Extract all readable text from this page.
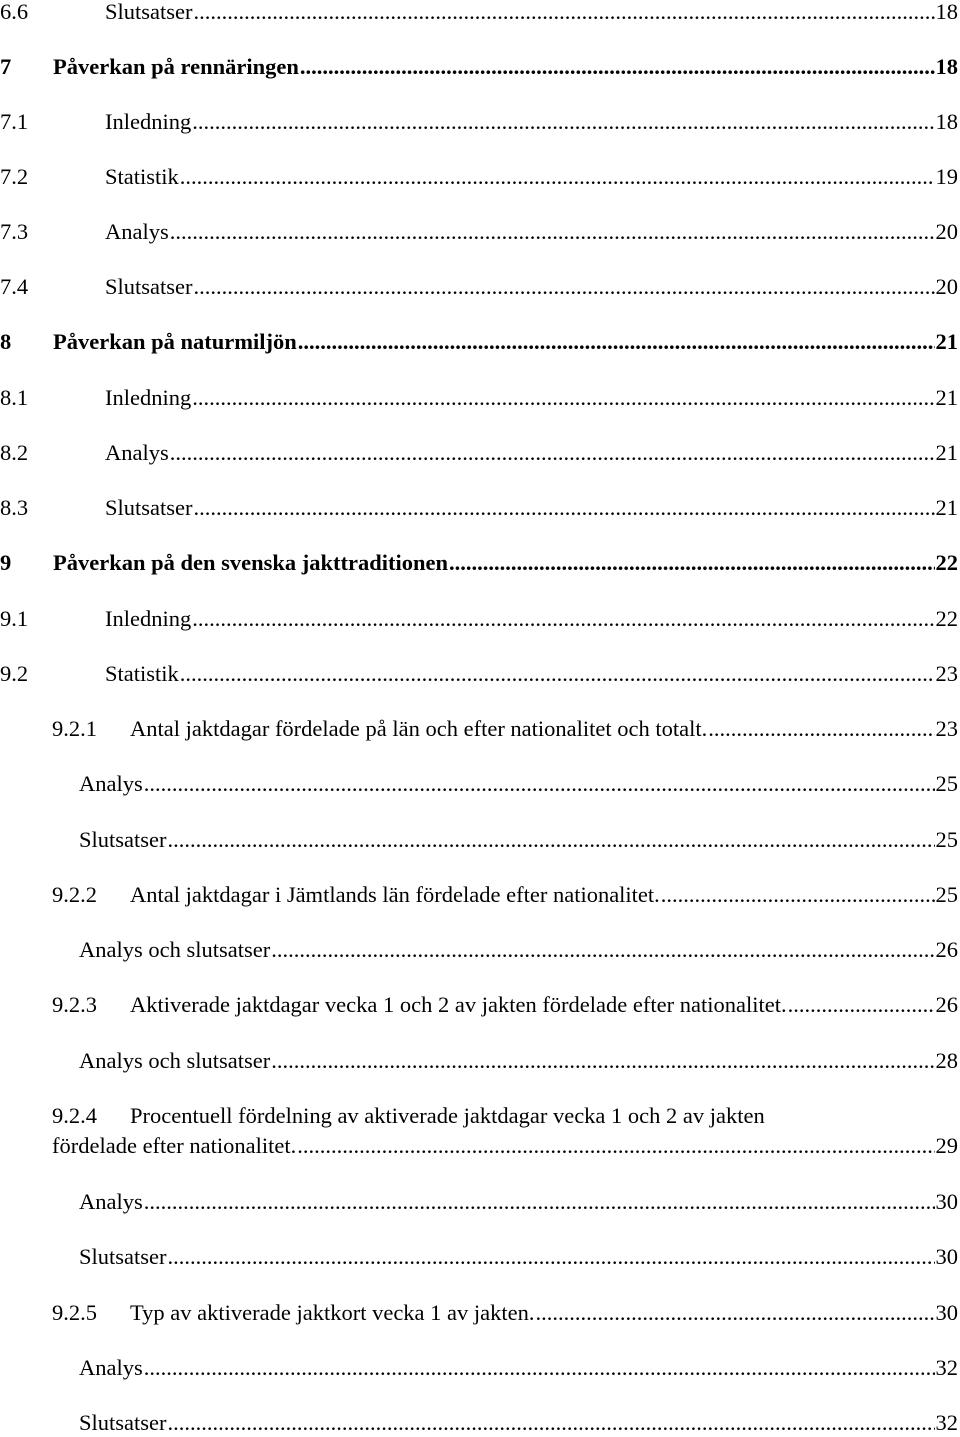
6.6	Slutsatser .....	18
7	Påverkan på rennäringen .....	18
7.1	Inledning .....	18
7.2	Statistik .....	19
7.3	Analys .....	20
7.4	Slutsatser .....	20
8	Påverkan på naturmiljön .....	21
8.1	Inledning .....	21
8.2	Analys .....	21
8.3	Slutsatser .....	21
9	Påverkan på den svenska jakttraditionen .....	22
9.1	Inledning .....	22
9.2	Statistik .....	23
9.2.1	Antal jaktdagar fördelade på län och efter nationalitet och totalt. .....	23
Analys .....	25
Slutsatser .....	25
9.2.2	Antal jaktdagar i Jämtlands län fördelade efter nationalitet. .....	25
Analys och slutsatser .....	26
9.2.3	Aktiverade jaktdagar vecka 1 och 2 av jakten fördelade efter nationalitet. .....	26
Analys och slutsatser .....	28
9.2.4	Procentuell fördelning av aktiverade jaktdagar vecka 1 och 2 av jakten
fördelade efter nationalitet. .....	29
Analys .....	30
Slutsatser .....	30
9.2.5	Typ av aktiverade jaktkort vecka 1 av jakten. .....	30
Analys .....	32
Slutsatser .....	32
